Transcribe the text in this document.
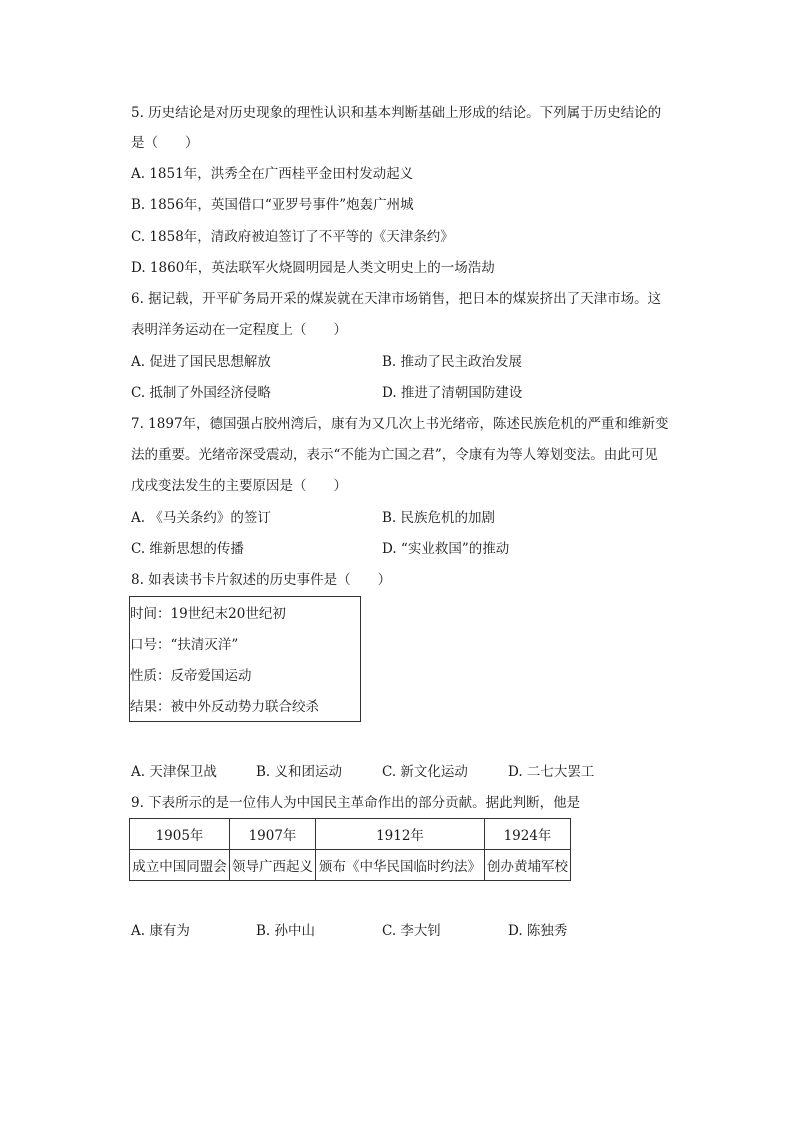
5. 历史结论是对历史现象的理性认识和基本判断基础上形成的结论。下列属于历史结论的
是（　　）
A. 1851年，洪秀全在广西桂平金田村发动起义
B. 1856年，英国借口“亚罗号事件”炮轰广州城
C. 1858年，清政府被迫签订了不平等的《天津条约》
D. 1860年，英法联军火烧圆明园是人类文明史上的一场浩劫
6. 据记载，开平矿务局开采的煤炭就在天津市场销售，把日本的煤炭挤出了天津市场。这
表明洋务运动在一定程度上（　　）
A. 促进了国民思想解放	B. 推动了民主政治发展
C. 抵制了外国经济侵略	D. 推进了清朝国防建设
7. 1897年，德国强占胶州湾后，康有为又几次上书光绪帝，陈述民族危机的严重和维新变
法的重要。光绪帝深受震动，表示“不能为亡国之君”，令康有为等人筹划变法。由此可见
戊戌变法发生的主要原因是（　　）
A. 《马关条约》的签订	B. 民族危机的加剧
C. 维新思想的传播	D. “实业救国”的推动
8. 如表读书卡片叙述的历史事件是（　　）
时间：19世纪末20世纪初
口号：“扶清灭洋”
性质：反帝爱国运动
结果：被中外反动势力联合绞杀
A. 天津保卫战	B. 义和团运动	C. 新文化运动	D. 二七大罢工
9. 下表所示的是一位伟人为中国民主革命作出的部分贡献。据此判断，他是
1905年	1907年	1912年	1924年
成立中国同盟会	领导广西起义	颁布《中华民国临时约法》	创办黄埔军校
A. 康有为	B. 孙中山	C. 李大钊	D. 陈独秀
